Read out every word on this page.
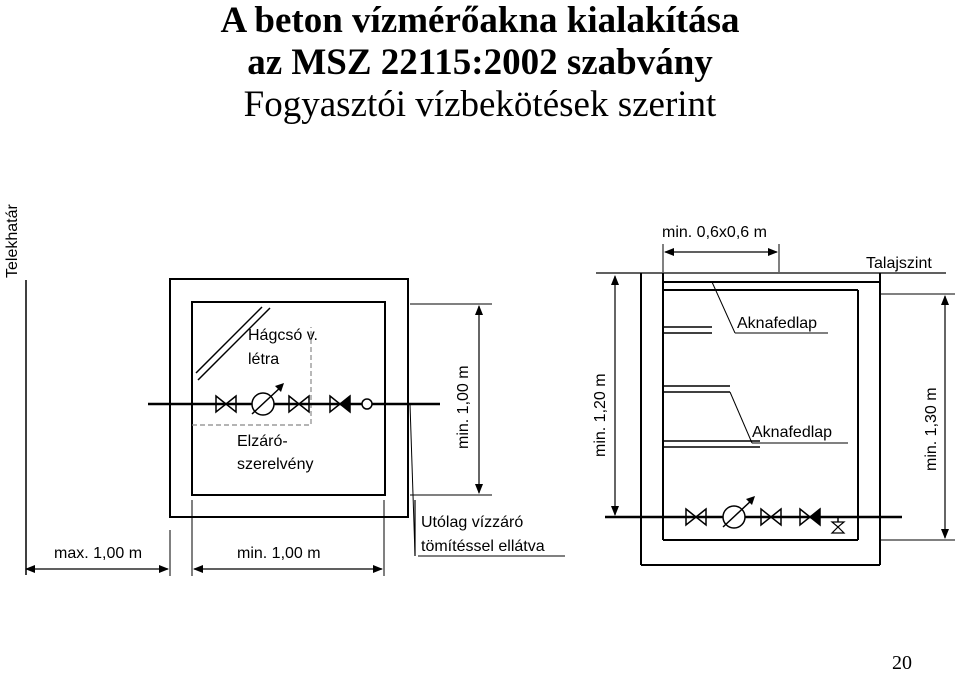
A beton vízmérőakna kialakítása
az MSZ 22115:2002 szabvány
Fogyasztói vízbekötések szerint
Telekhatár
Hágcsó v.
létra
Elzáró-
szerelvény
min. 1,00 m
max. 1,00 m	min. 1,00 m
Utólag vízzáró
tömítéssel ellátva
Talajszint
min. 0,6x0,6 m
Aknafedlap
Aknafedlap
min. 1,20 m	min. 1,30 m
20
